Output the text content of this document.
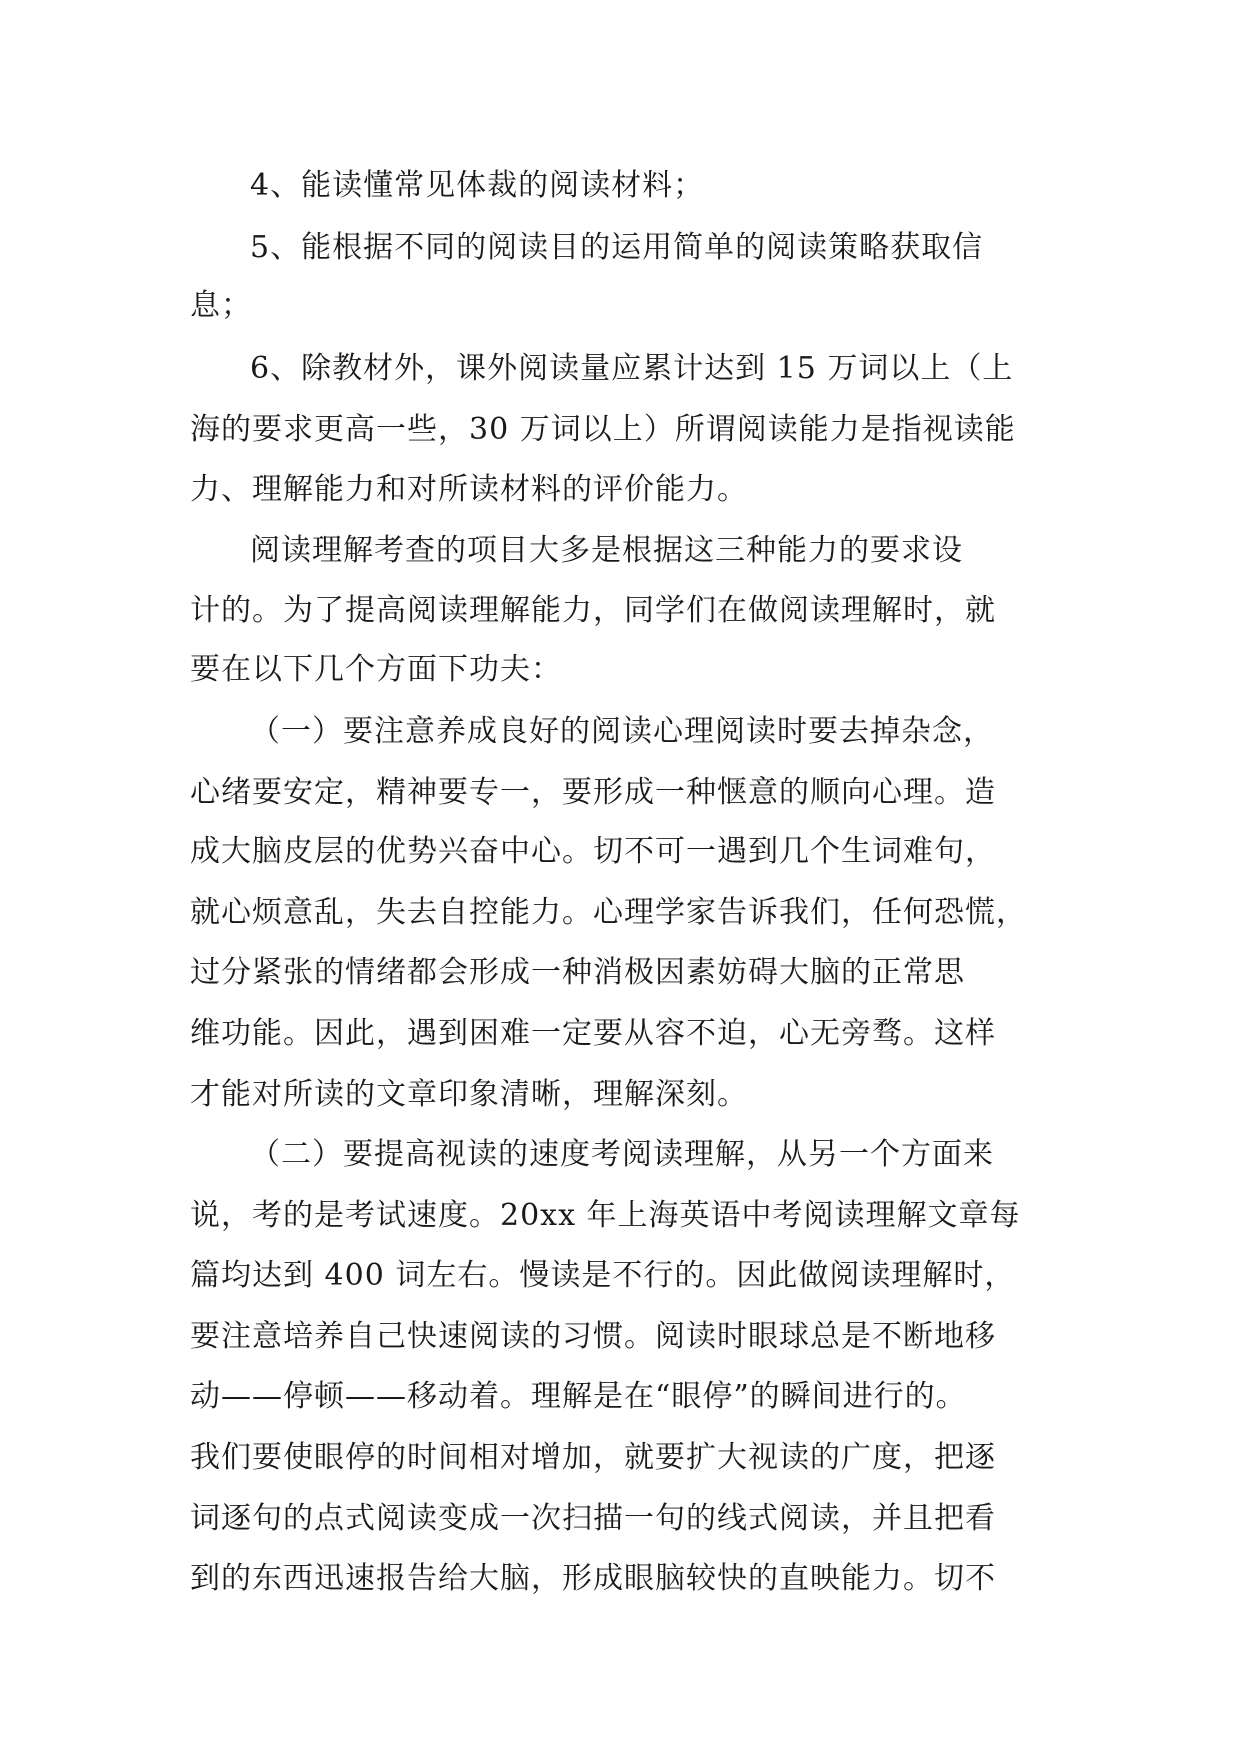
4、能读懂常见体裁的阅读材料；
5、能根据不同的阅读目的运用简单的阅读策略获取信
息；
6、除教材外，课外阅读量应累计达到 15 万词以上（上
海的要求更高一些，30 万词以上）所谓阅读能力是指视读能
力、理解能力和对所读材料的评价能力。
阅读理解考查的项目大多是根据这三种能力的要求设
计的。为了提高阅读理解能力，同学们在做阅读理解时，就
要在以下几个方面下功夫：
（一）要注意养成良好的阅读心理阅读时要去掉杂念，
心绪要安定，精神要专一，要形成一种惬意的顺向心理。造
成大脑皮层的优势兴奋中心。切不可一遇到几个生词难句，
就心烦意乱，失去自控能力。心理学家告诉我们，任何恐慌，
过分紧张的情绪都会形成一种消极因素妨碍大脑的正常思
维功能。因此，遇到困难一定要从容不迫，心无旁骛。这样
才能对所读的文章印象清晰，理解深刻。
（二）要提高视读的速度考阅读理解，从另一个方面来
说，考的是考试速度。20xx 年上海英语中考阅读理解文章每
篇均达到 400 词左右。慢读是不行的。因此做阅读理解时，
要注意培养自己快速阅读的习惯。阅读时眼球总是不断地移
动——停顿——移动着。理解是在“眼停”的瞬间进行的。
我们要使眼停的时间相对增加，就要扩大视读的广度，把逐
词逐句的点式阅读变成一次扫描一句的线式阅读，并且把看
到的东西迅速报告给大脑，形成眼脑较快的直映能力。切不
